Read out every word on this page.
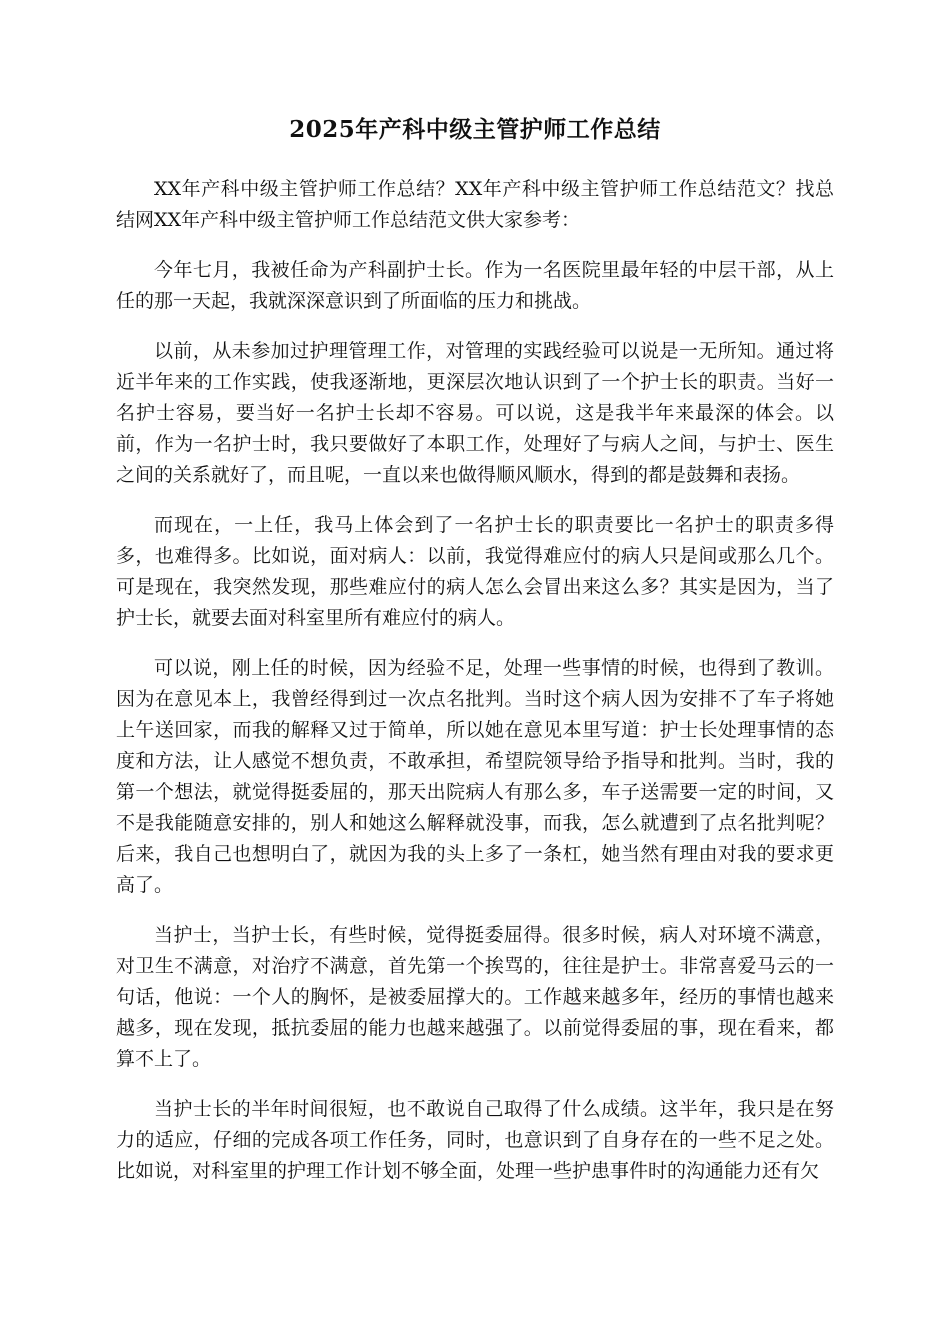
2025年产科中级主管护师工作总结

XX年产科中级主管护师工作总结？XX年产科中级主管护师工作总结范文？找总结网XX年产科中级主管护师工作总结范文供大家参考：

今年七月，我被任命为产科副护士长。作为一名医院里最年轻的中层干部，从上任的那一天起，我就深深意识到了所面临的压力和挑战。

以前，从未参加过护理管理工作，对管理的实践经验可以说是一无所知。通过将近半年来的工作实践，使我逐渐地，更深层次地认识到了一个护士长的职责。当好一名护士容易，要当好一名护士长却不容易。可以说，这是我半年来最深的体会。以前，作为一名护士时，我只要做好了本职工作，处理好了与病人之间，与护士、医生之间的关系就好了，而且呢，一直以来也做得顺风顺水，得到的都是鼓舞和表扬。

而现在，一上任，我马上体会到了一名护士长的职责要比一名护士的职责多得多，也难得多。比如说，面对病人：以前，我觉得难应付的病人只是间或那么几个。可是现在，我突然发现，那些难应付的病人怎么会冒出来这么多？其实是因为，当了护士长，就要去面对科室里所有难应付的病人。

可以说，刚上任的时候，因为经验不足，处理一些事情的时候，也得到了教训。因为在意见本上，我曾经得到过一次点名批判。当时这个病人因为安排不了车子将她上午送回家，而我的解释又过于简单，所以她在意见本里写道：护士长处理事情的态度和方法，让人感觉不想负责，不敢承担，希望院领导给予指导和批判。当时，我的第一个想法，就觉得挺委屈的，那天出院病人有那么多，车子送需要一定的时间，又不是我能随意安排的，别人和她这么解释就没事，而我，怎么就遭到了点名批判呢？后来，我自己也想明白了，就因为我的头上多了一条杠，她当然有理由对我的要求更高了。

当护士，当护士长，有些时候，觉得挺委屈得。很多时候，病人对环境不满意，对卫生不满意，对治疗不满意，首先第一个挨骂的，往往是护士。非常喜爱马云的一句话，他说：一个人的胸怀，是被委屈撑大的。工作越来越多年，经历的事情也越来越多，现在发现，抵抗委屈的能力也越来越强了。以前觉得委屈的事，现在看来，都算不上了。

当护士长的半年时间很短，也不敢说自己取得了什么成绩。这半年，我只是在努力的适应，仔细的完成各项工作任务，同时，也意识到了自身存在的一些不足之处。比如说，对科室里的护理工作计划不够全面，处理一些护患事件时的沟通能力还有欠
